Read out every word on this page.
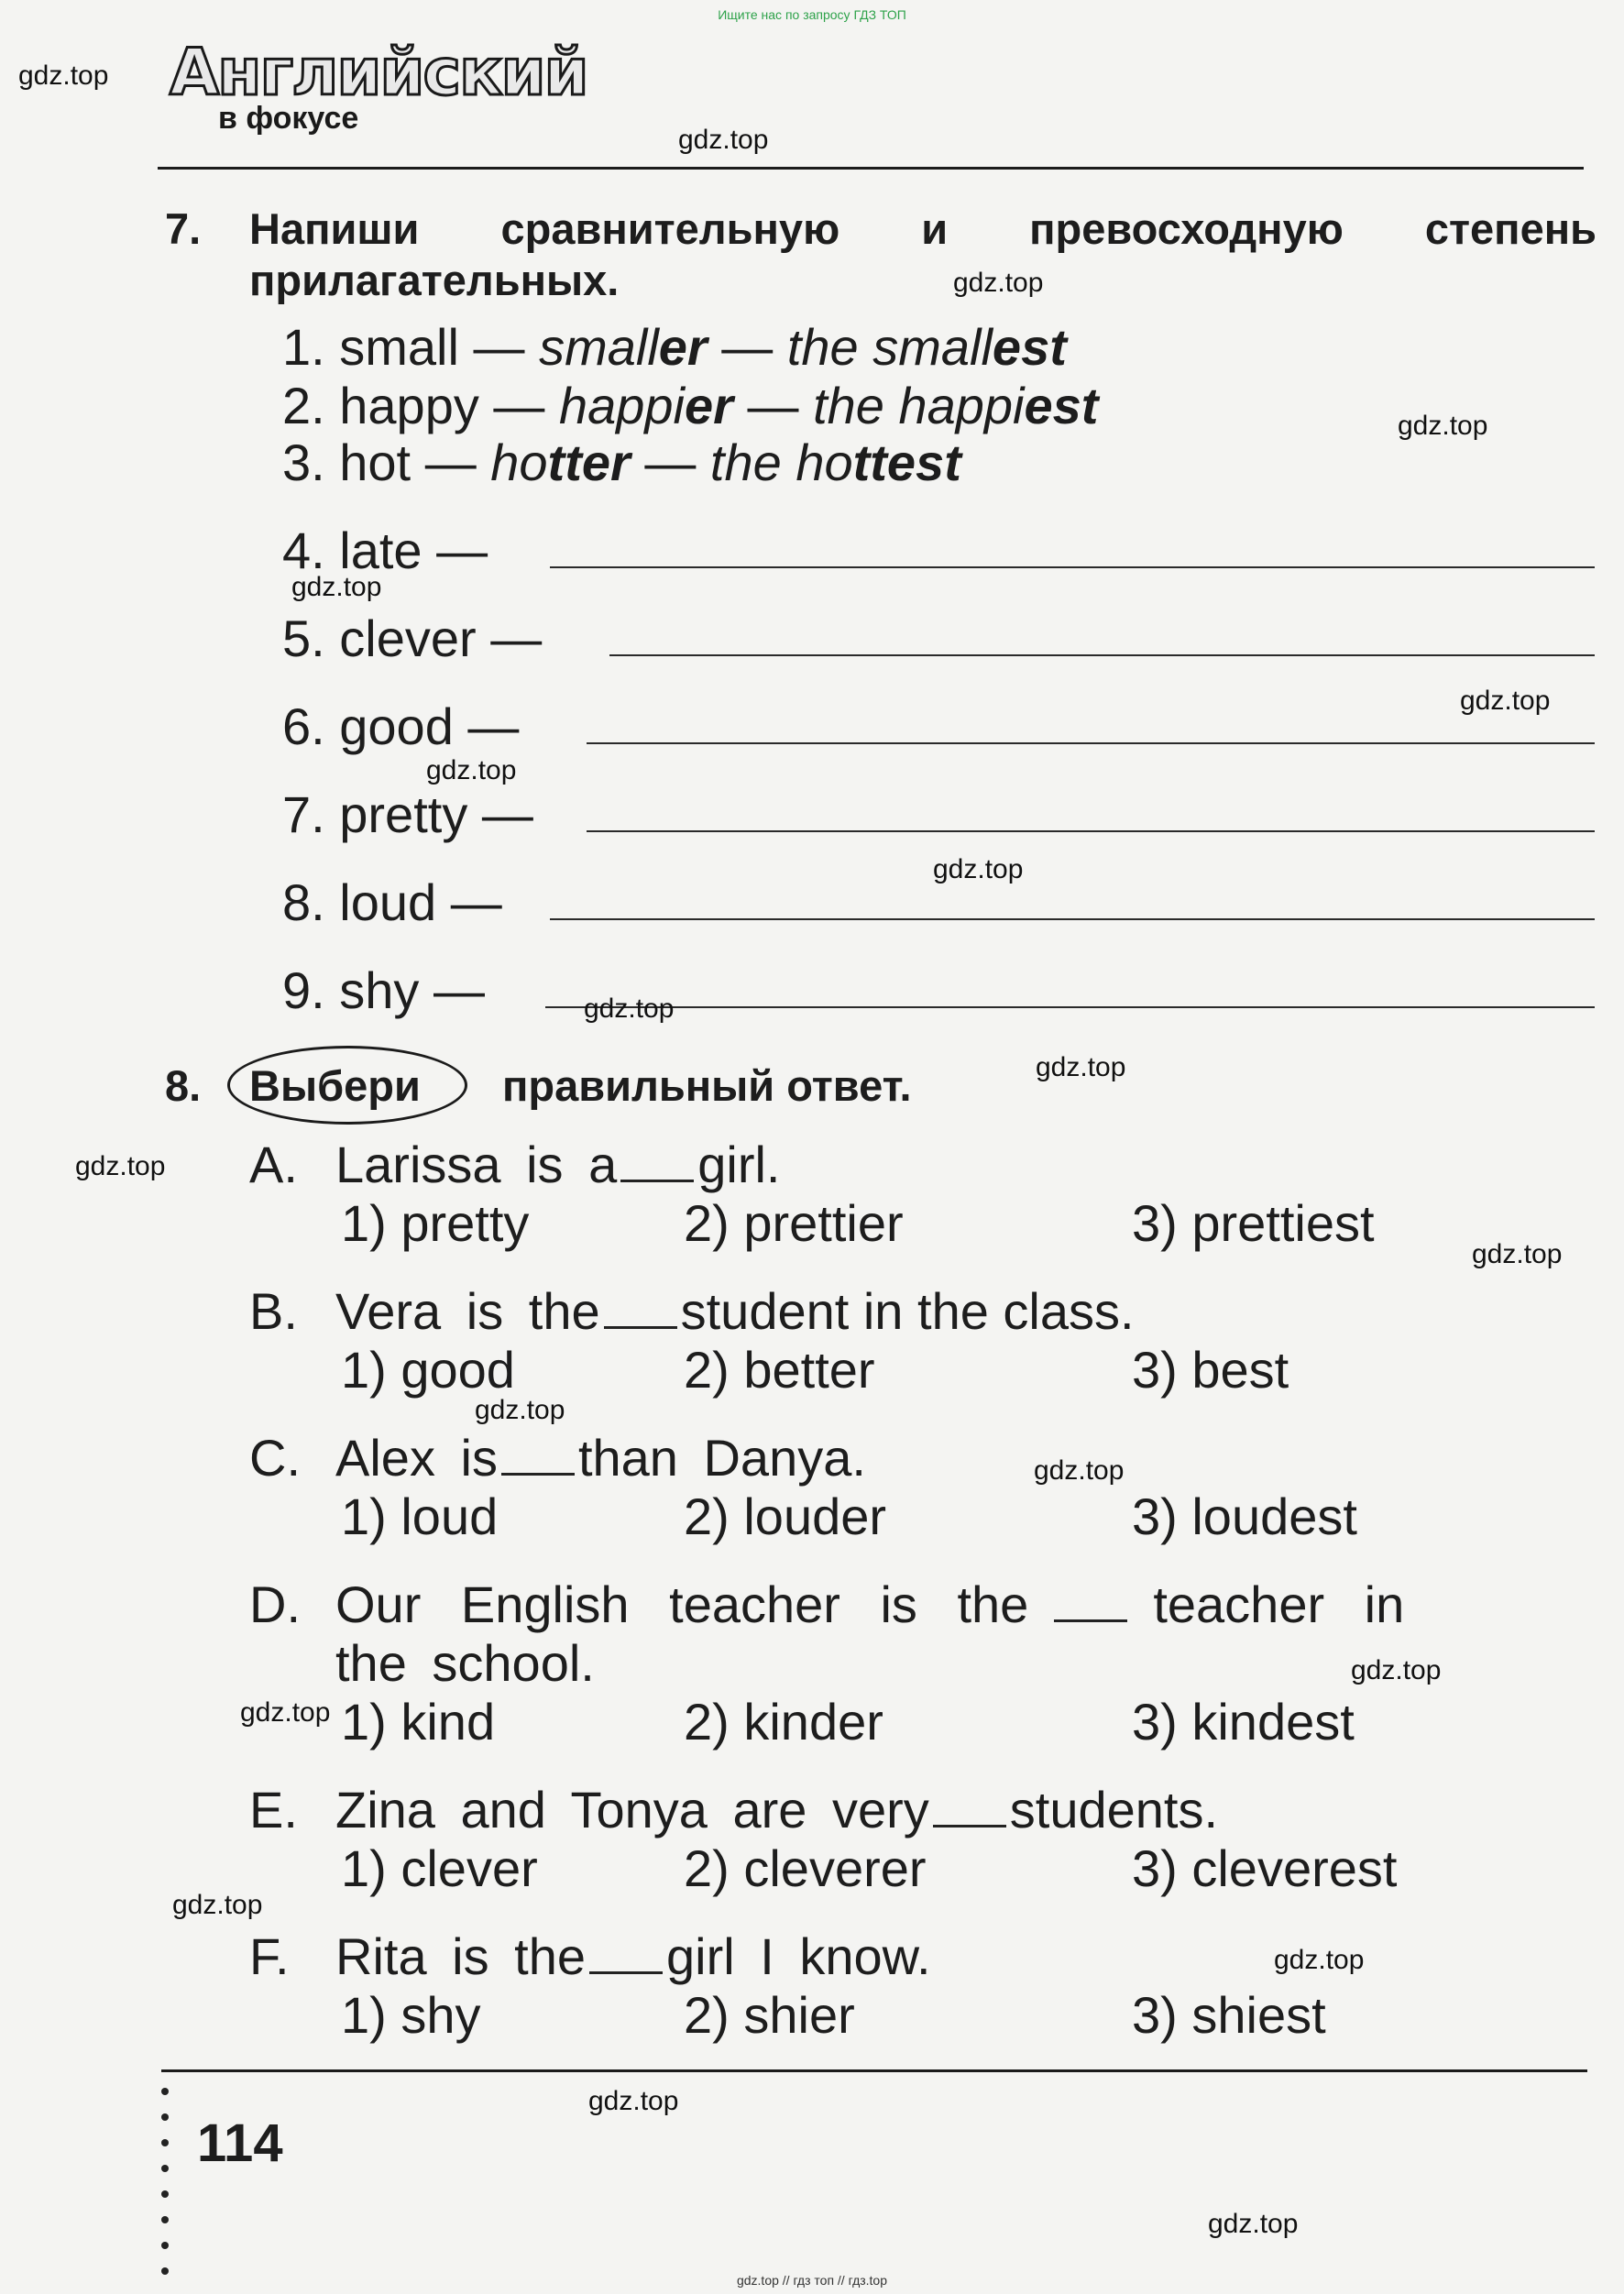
Ищите нас по запросу ГДЗ ТОП
Английский
в фокусе
7. Напиши сравнительную и превосходную степень
прилагательных.
1. small — smaller — the smallest
2. happy — happier — the happiest
3. hot — hotter — the hottest
4. late —
5. clever —
6. good —
7. pretty —
8. loud —
9. shy —
8. Выбери правильный ответ.
A. Larissa is a girl.
1) pretty	2) prettier	3) prettiest
B. Vera is the student in the class.
1) good	2) better	3) best
C. Alex is than Danya.
1) loud	2) louder	3) loudest
D. Our English teacher is the teacher in
the school.
1) kind	2) kinder	3) kindest
E. Zina and Tonya are very students.
1) clever	2) cleverer	3) cleverest
F. Rita is the girl I know.
1) shy	2) shier	3) shiest
114
gdz.top
gdz.top
gdz.top
gdz.top
gdz.top
gdz.top
gdz.top
gdz.top
gdz.top
gdz.top
gdz.top
gdz.top
gdz.top
gdz.top
gdz.top
gdz.top
gdz.top
gdz.top
gdz.top
gdz.top
gdz.top // гдз топ // гдз.top
